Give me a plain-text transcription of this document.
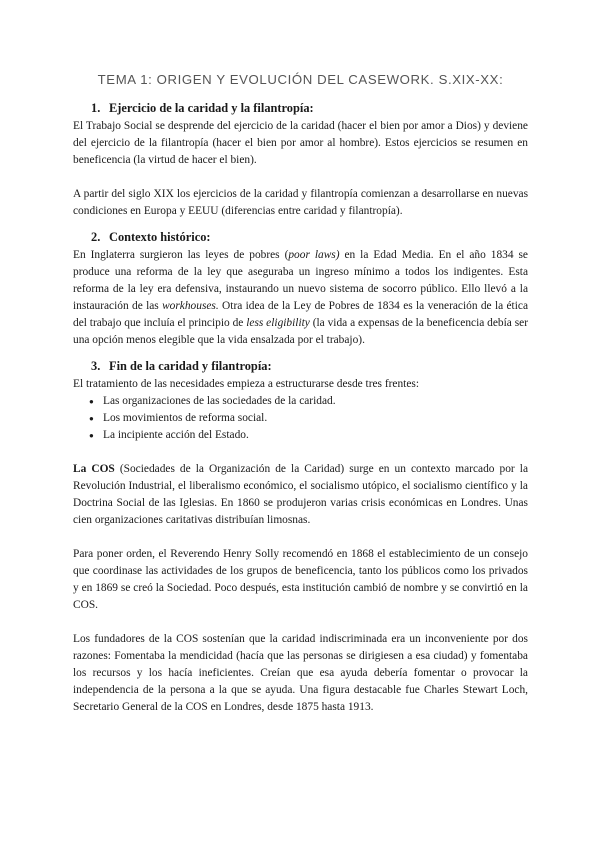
TEMA 1: ORIGEN Y EVOLUCIÓN DEL CASEWORK. S.XIX-XX:
1. Ejercicio de la caridad y la filantropía:

El Trabajo Social se desprende del ejercicio de la caridad (hacer el bien por amor a Dios) y deviene del ejercicio de la filantropía (hacer el bien por amor al hombre). Estos ejercicios se resumen en beneficencia (la virtud de hacer el bien).

A partir del siglo XIX los ejercicios de la caridad y filantropía comienzan a desarrollarse en nuevas condiciones en Europa y EEUU (diferencias entre caridad y filantropía).

2. Contexto histórico:

En Inglaterra surgieron las leyes de pobres (poor laws) en la Edad Media. En el año 1834 se produce una reforma de la ley que aseguraba un ingreso mínimo a todos los indigentes. Esta reforma de la ley era defensiva, instaurando un nuevo sistema de socorro público. Ello llevó a la instauración de las workhouses. Otra idea de la Ley de Pobres de 1834 es la veneración de la ética del trabajo que incluía el principio de less eligibility (la vida a expensas de la beneficencia debía ser una opción menos elegible que la vida ensalzada por el trabajo).

3. Fin de la caridad y filantropía:

El tratamiento de las necesidades empieza a estructurarse desde tres frentes:

● Las organizaciones de las sociedades de la caridad.
● Los movimientos de reforma social.
● La incipiente acción del Estado.

La COS (Sociedades de la Organización de la Caridad) surge en un contexto marcado por la Revolución Industrial, el liberalismo económico, el socialismo utópico, el socialismo científico y la Doctrina Social de las Iglesias. En 1860 se produjeron varias crisis económicas en Londres. Unas cien organizaciones caritativas distribuían limosnas.

Para poner orden, el Reverendo Henry Solly recomendó en 1868 el establecimiento de un consejo que coordinase las actividades de los grupos de beneficencia, tanto los públicos como los privados y en 1869 se creó la Sociedad. Poco después, esta institución cambió de nombre y se convirtió en la COS.

Los fundadores de la COS sostenían que la caridad indiscriminada era un inconveniente por dos razones: Fomentaba la mendicidad (hacía que las personas se dirigiesen a esa ciudad) y fomentaba los recursos y los hacía ineficientes. Creían que esa ayuda debería fomentar o provocar la independencia de la persona a la que se ayuda. Una figura destacable fue Charles Stewart Loch, Secretario General de la COS en Londres, desde 1875 hasta 1913.
